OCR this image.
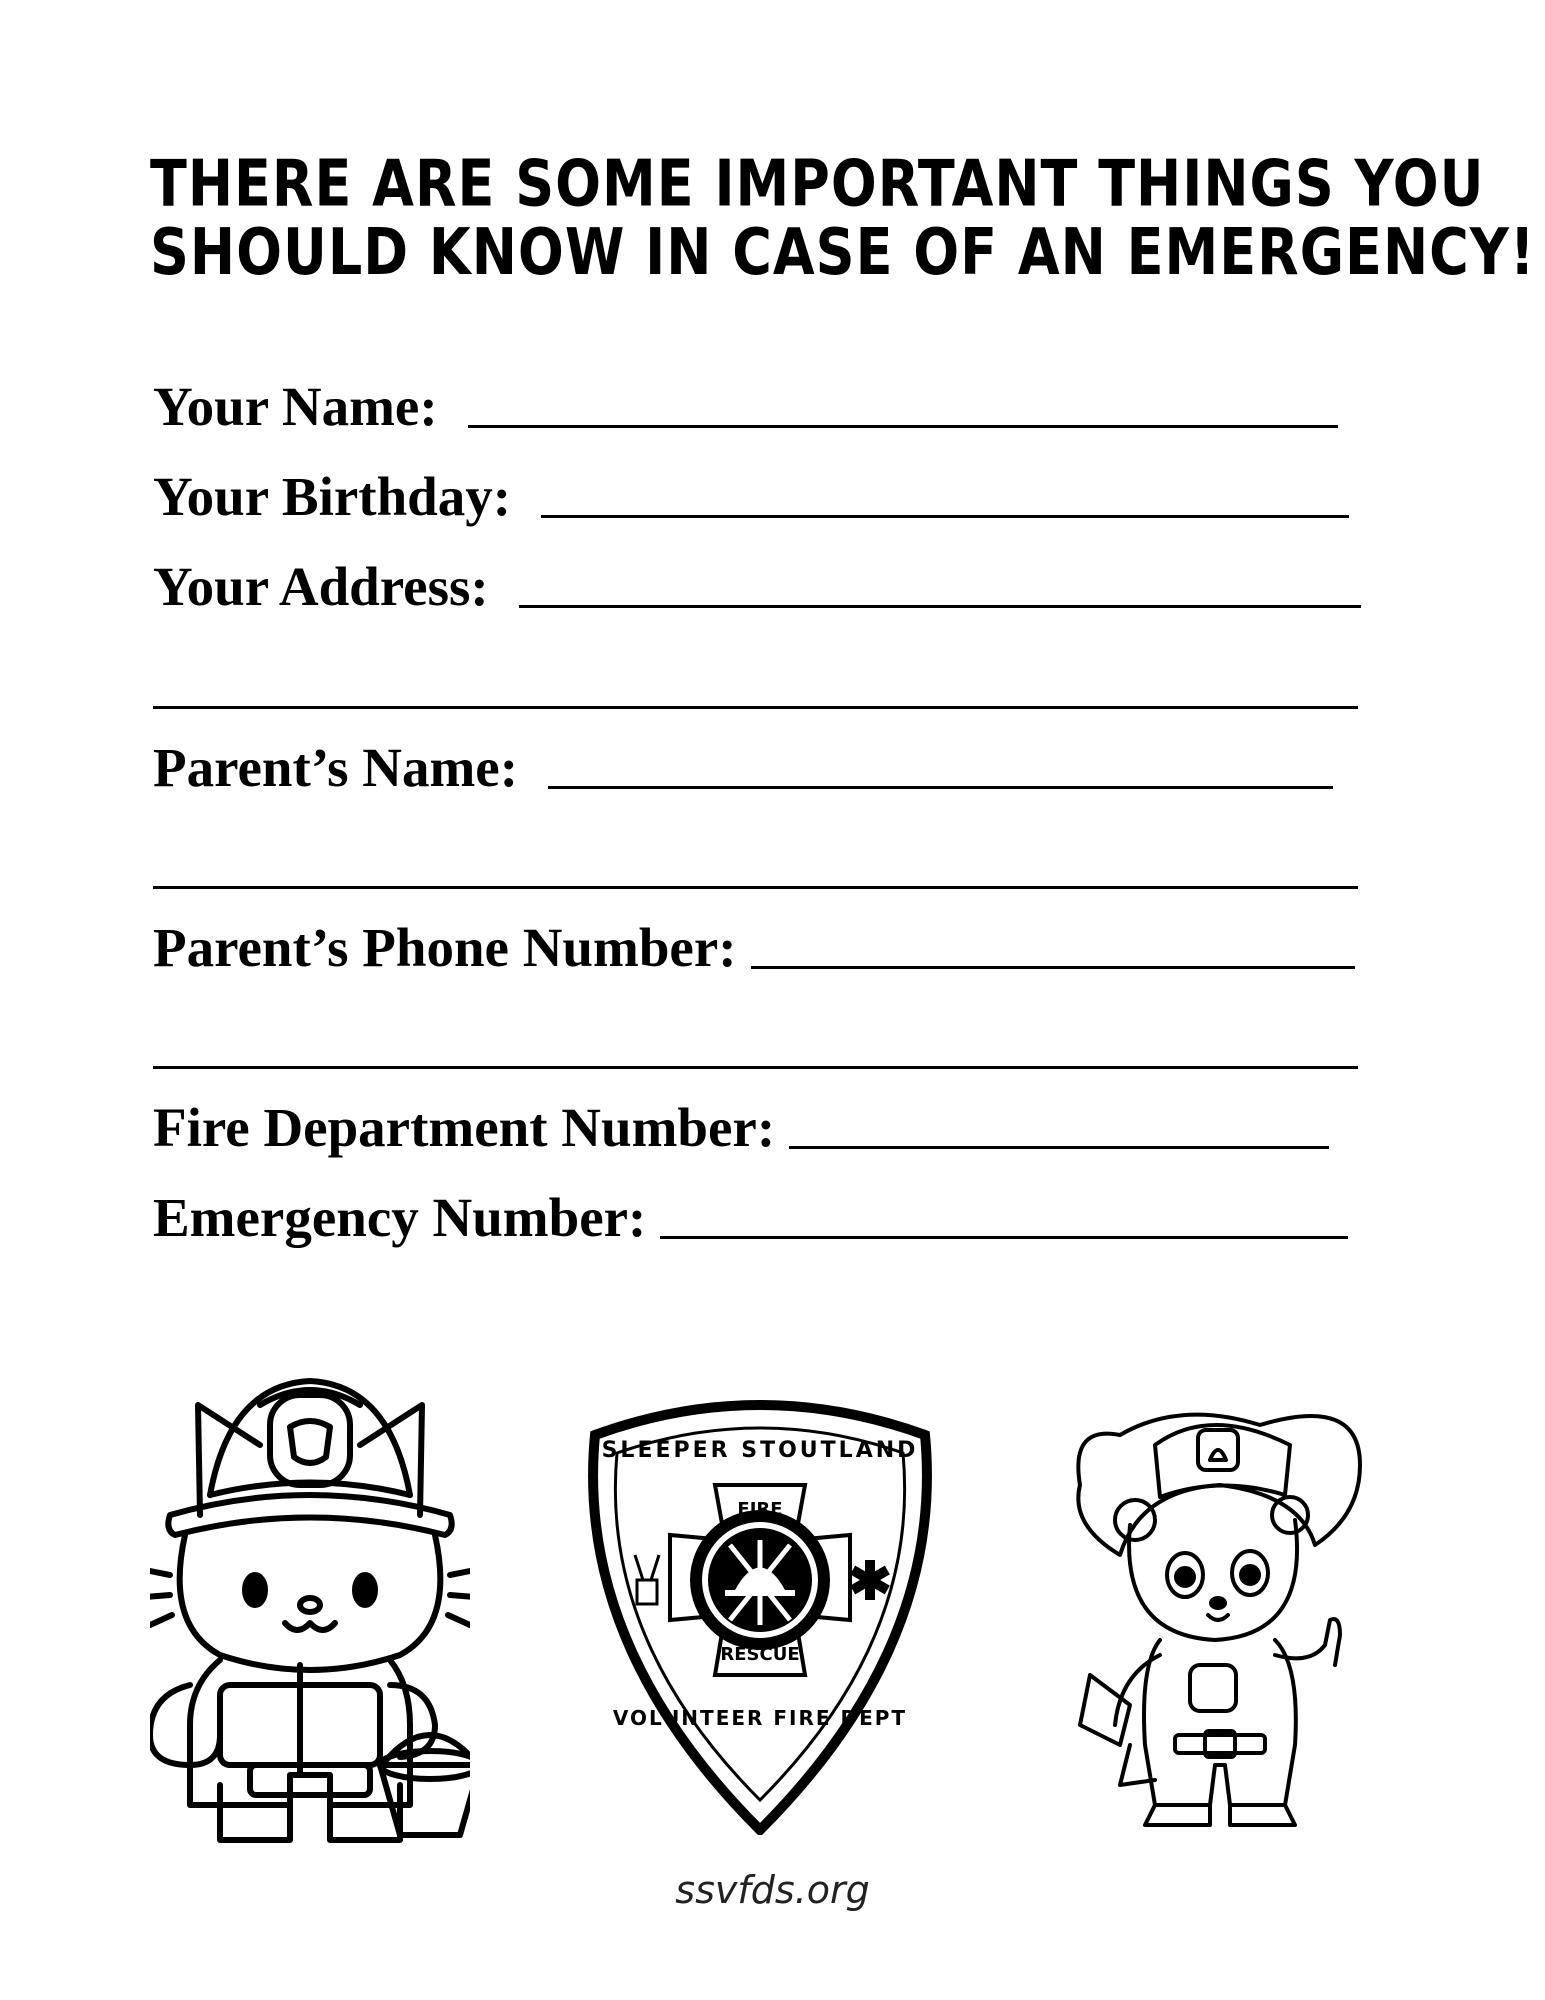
THERE ARE SOME IMPORTANT THINGS YOU
SHOULD KNOW IN CASE OF AN EMERGENCY!
Your Name:
Your Birthday:
Your Address:
Parent’s Name:
Parent’s Phone Number:
Fire Department Number:
Emergency Number:
FIRE
RESCUE
SLEEPER STOUTLAND
VOLUNTEER FIRE DEPT
ssvfds.org
